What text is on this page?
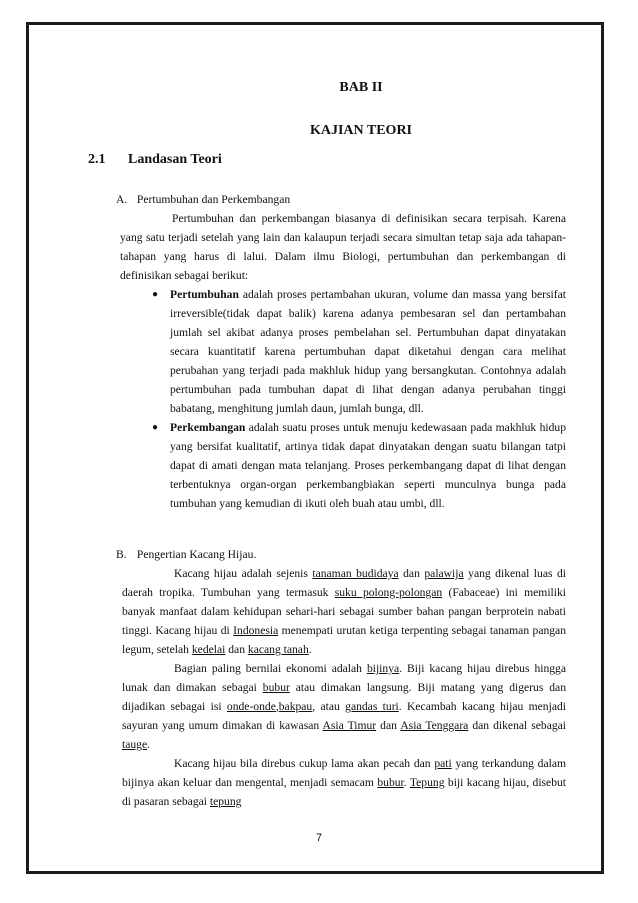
BAB II
KAJIAN TEORI
2.1 Landasan Teori
A. Pertumbuhan dan Perkembangan
Pertumbuhan dan perkembangan biasanya di definisikan secara terpisah. Karena yang satu terjadi setelah yang lain dan kalaupun terjadi secara simultan tetap saja ada tahapan-tahapan yang harus di lalui. Dalam ilmu Biologi, pertumbuhan dan perkembangan di definisikan sebagai berikut:
● Pertumbuhan adalah proses pertambahan ukuran, volume dan massa yang bersifat irreversible(tidak dapat balik) karena adanya pembesaran sel dan pertambahan jumlah sel akibat adanya proses pembelahan sel. Pertumbuhan dapat dinyatakan secara kuantitatif karena pertumbuhan dapat diketahui dengan cara melihat perubahan yang terjadi pada makhluk hidup yang bersangkutan. Contohnya adalah pertumbuhan pada tumbuhan dapat di lihat dengan adanya perubahan tinggi babatang, menghitung jumlah daun, jumlah bunga, dll.
● Perkembangan adalah suatu proses untuk menuju kedewasaan pada makhluk hidup yang bersifat kualitatif, artinya tidak dapat dinyatakan dengan suatu bilangan tatpi dapat di amati dengan mata telanjang. Proses perkembangang dapat di lihat dengan terbentuknya organ-organ perkembangbiakan seperti munculnya bunga pada tumbuhan yang kemudian di ikuti oleh buah atau umbi, dll.
B. Pengertian Kacang Hijau.
Kacang hijau adalah sejenis tanaman budidaya dan palawija yang dikenal luas di daerah tropika. Tumbuhan yang termasuk suku polong-polongan (Fabaceae) ini memiliki banyak manfaat dalam kehidupan sehari-hari sebagai sumber bahan pangan berprotein nabati tinggi. Kacang hijau di Indonesia menempati urutan ketiga terpenting sebagai tanaman pangan legum, setelah kedelai dan kacang tanah.
Bagian paling bernilai ekonomi adalah bijinya. Biji kacang hijau direbus hingga lunak dan dimakan sebagai bubur atau dimakan langsung. Biji matang yang digerus dan dijadikan sebagai isi onde-onde,bakpau, atau gandas turi. Kecambah kacang hijau menjadi sayuran yang umum dimakan di kawasan Asia Timur dan Asia Tenggara dan dikenal sebagai tauge.
Kacang hijau bila direbus cukup lama akan pecah dan pati yang terkandung dalam bijinya akan keluar dan mengental, menjadi semacam bubur. Tepung biji kacang hijau, disebut di pasaran sebagai tepung
7
